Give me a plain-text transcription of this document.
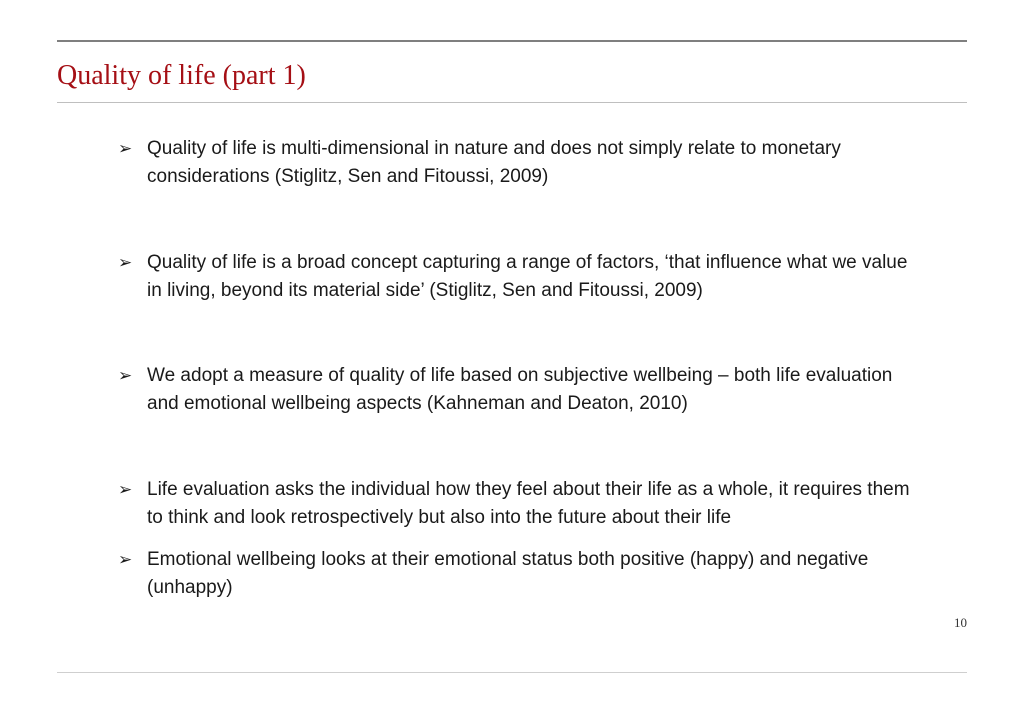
Quality of life (part 1)
➢ Quality of life is multi-dimensional in nature and does not simply relate to monetary considerations (Stiglitz, Sen and Fitoussi, 2009)
➢ Quality of life is a broad concept capturing a range of factors, ‘that influence what we value in living, beyond its material side’ (Stiglitz, Sen and Fitoussi, 2009)
➢ We adopt a measure of quality of life based on subjective wellbeing – both life evaluation and emotional wellbeing aspects (Kahneman and Deaton, 2010)
➢ Life evaluation asks the individual how they feel about their life as a whole, it requires them to think and look retrospectively but also into the future about their life
➢ Emotional wellbeing looks at their emotional status both positive (happy) and negative (unhappy)
10
